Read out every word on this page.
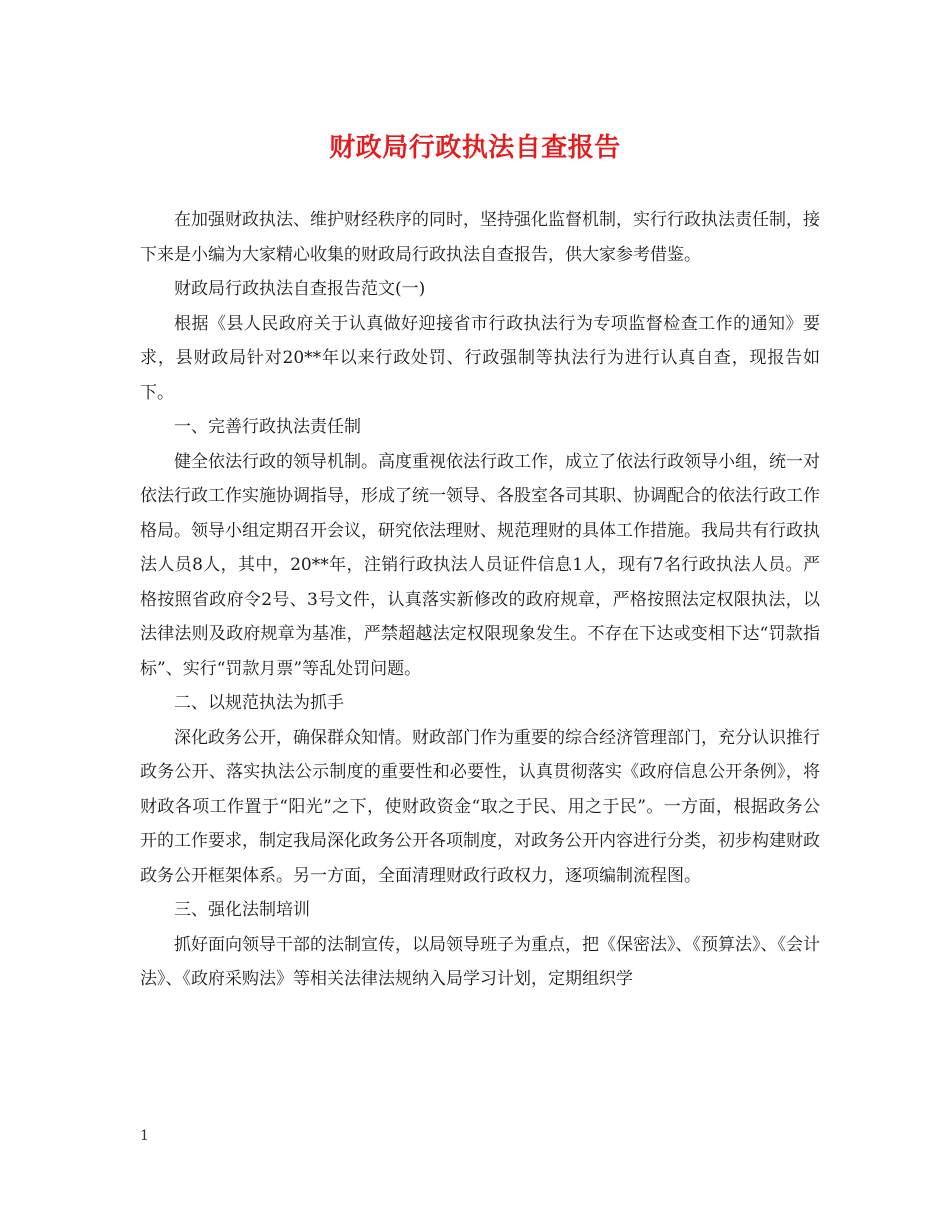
财政局行政执法自查报告

在加强财政执法、维护财经秩序的同时，坚持强化监督机制，实行行政执法责任制，接下来是小编为大家精心收集的财政局行政执法自查报告，供大家参考借鉴。

财政局行政执法自查报告范文(一)

根据《县人民政府关于认真做好迎接省市行政执法行为专项监督检查工作的通知》要求，县财政局针对20**年以来行政处罚、行政强制等执法行为进行认真自查，现报告如下。

一、完善行政执法责任制

健全依法行政的领导机制。高度重视依法行政工作，成立了依法行政领导小组，统一对依法行政工作实施协调指导，形成了统一领导、各股室各司其职、协调配合的依法行政工作格局。领导小组定期召开会议，研究依法理财、规范理财的具体工作措施。我局共有行政执法人员8人，其中，20**年，注销行政执法人员证件信息1人，现有7名行政执法人员。严格按照省政府令2号、3号文件，认真落实新修改的政府规章，严格按照法定权限执法，以法律法则及政府规章为基准，严禁超越法定权限现象发生。不存在下达或变相下达“罚款指标”、实行“罚款月票”等乱处罚问题。

二、以规范执法为抓手

深化政务公开，确保群众知情。财政部门作为重要的综合经济管理部门，充分认识推行政务公开、落实执法公示制度的重要性和必要性，认真贯彻落实《政府信息公开条例》，将财政各项工作置于“阳光”之下，使财政资金“取之于民、用之于民”。一方面，根据政务公开的工作要求，制定我局深化政务公开各项制度，对政务公开内容进行分类，初步构建财政政务公开框架体系。另一方面，全面清理财政行政权力，逐项编制流程图。

三、强化法制培训

抓好面向领导干部的法制宣传，以局领导班子为重点，把《保密法》、《预算法》、《会计法》、《政府采购法》等相关法律法规纳入局学习计划，定期组织学

1
